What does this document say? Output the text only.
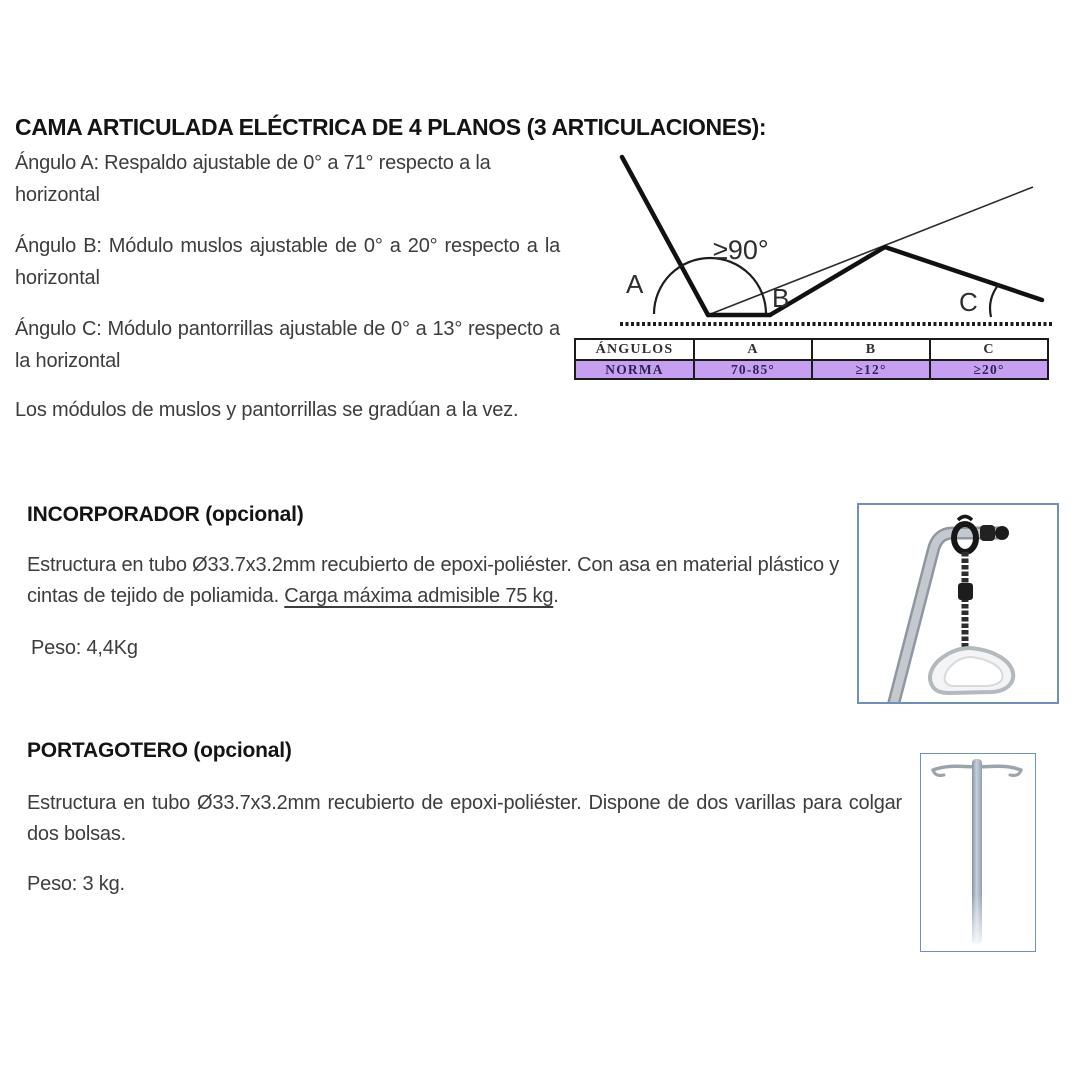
CAMA ARTICULADA ELÉCTRICA DE 4 PLANOS (3 ARTICULACIONES):

Ángulo A: Respaldo ajustable de 0° a 71° respecto a la horizontal

Ángulo B: Módulo muslos ajustable de 0° a 20° respecto a la horizontal

Ángulo C: Módulo pantorrillas ajustable de 0° a 13° respecto a la horizontal

Los módulos de muslos y pantorrillas se gradúan a la vez.

≥90°
A	B	C
ÁNGULOS	A	B	C
NORMA	70-85°	≥12°	≥20°
INCORPORADOR (opcional)

Estructura en tubo Ø33.7x3.2mm recubierto de epoxi-poliéster. Con asa en material plástico y cintas de tejido de poliamida. Carga máxima admisible 75 kg.

Peso: 4,4Kg

PORTAGOTERO (opcional)

Estructura en tubo Ø33.7x3.2mm recubierto de epoxi-poliéster. Dispone de dos varillas para colgar dos bolsas.

Peso: 3 kg.
